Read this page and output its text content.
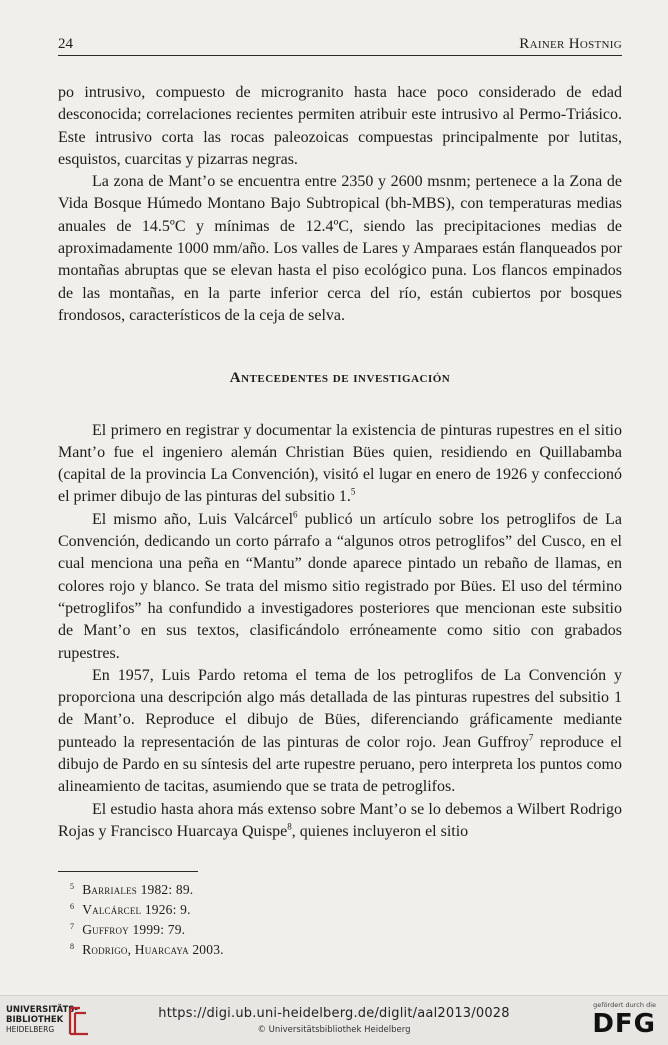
24	Rainer Hostnig

po intrusivo, compuesto de microgranito hasta hace poco considerado de edad desconocida; correlaciones recientes permiten atribuir este intrusivo al Permo-Triásico. Este intrusivo corta las rocas paleozoicas compuestas principalmente por lutitas, esquistos, cuarcitas y pizarras negras.

La zona de Mant’o se encuentra entre 2350 y 2600 msnm; pertenece a la Zona de Vida Bosque Húmedo Montano Bajo Subtropical (bh-MBS), con temperaturas medias anuales de 14.5ºC y mínimas de 12.4ºC, siendo las precipitaciones medias de aproximadamente 1000 mm/año. Los valles de Lares y Amparaes están flanqueados por montañas abruptas que se elevan hasta el piso ecológico puna. Los flancos empinados de las montañas, en la parte inferior cerca del río, están cubiertos por bosques frondosos, característicos de la ceja de selva.

Antecedentes de investigación

El primero en registrar y documentar la existencia de pinturas rupestres en el sitio Mant’o fue el ingeniero alemán Christian Bües quien, residiendo en Quillabamba (capital de la provincia La Convención), visitó el lugar en enero de 1926 y confeccionó el primer dibujo de las pinturas del subsitio 1.$^5$

El mismo año, Luis Valcárcel$^6$ publicó un artículo sobre los petroglifos de La Convención, dedicando un corto párrafo a “algunos otros petroglifos” del Cusco, en el cual menciona una peña en “Mantu” donde aparece pintado un rebaño de llamas, en colores rojo y blanco. Se trata del mismo sitio registrado por Bües. El uso del término “petroglifos” ha confundido a investigadores posteriores que mencionan este subsitio de Mant’o en sus textos, clasificándolo erróneamente como sitio con grabados rupestres.

En 1957, Luis Pardo retoma el tema de los petroglifos de La Convención y proporciona una descripción algo más detallada de las pinturas rupestres del subsitio 1 de Mant’o. Reproduce el dibujo de Bües, diferenciando gráficamente mediante punteado la representación de las pinturas de color rojo. Jean Guffroy$^7$ reproduce el dibujo de Pardo en su síntesis del arte rupestre peruano, pero interpreta los puntos como alineamiento de tacitas, asumiendo que se trata de petroglifos.

El estudio hasta ahora más extenso sobre Mant’o se lo debemos a Wilbert Rodrigo Rojas y Francisco Huarcaya Quispe$^8$, quienes incluyeron el sitio

$^5$ Barriales 1982: 89.
$^6$ Valcárcel 1926: 9.
$^7$ Guffroy 1999: 79.
$^8$ Rodrigo, Huarcaya 2003.
UNIVERSITÄTS-
BIBLIOTHEK
HEIDELBERG
https://digi.ub.uni-heidelberg.de/diglit/aal2013/0028
© Universitätsbibliothek Heidelberg
gefördert durch die
DFG
